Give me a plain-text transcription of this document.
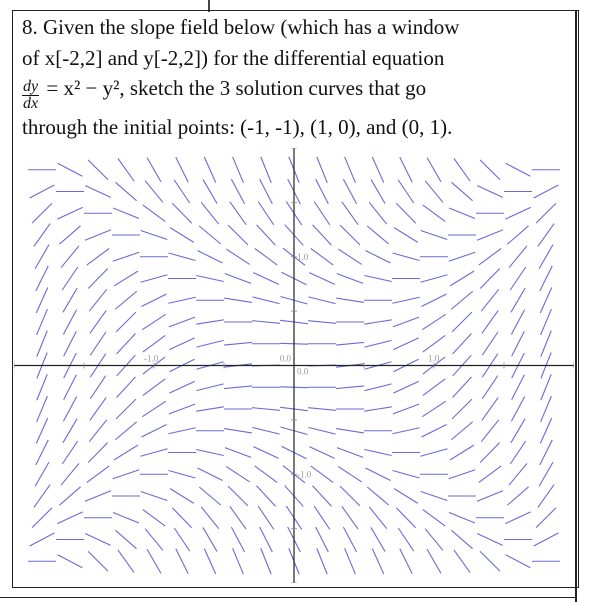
8. Given the slope field below (which has a window
of x[-2,2] and y[-2,2]) for the differential equation
$\frac{dy}{dx} = x^2 - y^2$, sketch the 3 solution curves that go
through the initial points: (-1, -1), (1, 0), and (0, 1).
-1.0	0.0	1.0
1.0
0.0
-1.0
